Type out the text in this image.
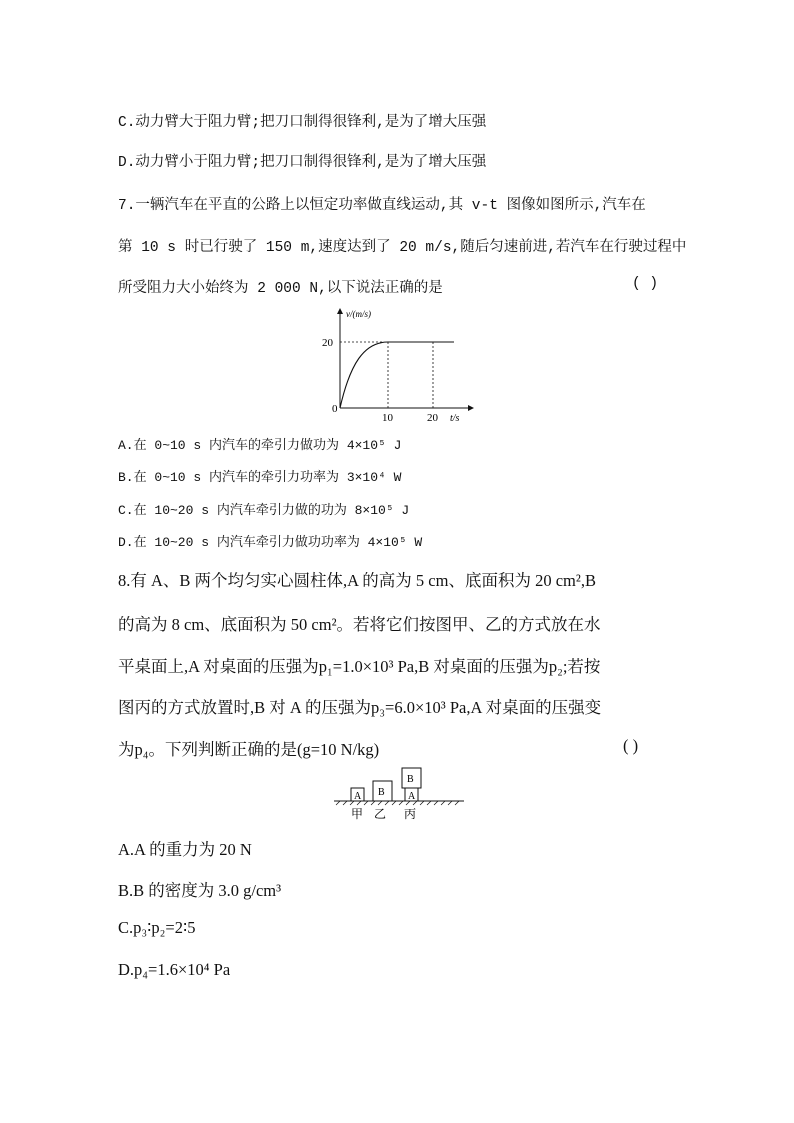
C.动力臂大于阻力臂;把刀口制得很锋利,是为了增大压强
D.动力臂小于阻力臂;把刀口制得很锋利,是为了增大压强
7.一辆汽车在平直的公路上以恒定功率做直线运动,其 v-t 图像如图所示,汽车在
第 10 s 时已行驶了 150 m,速度达到了 20 m/s,随后匀速前进,若汽车在行驶过程中
所受阻力大小始终为 2 000 N,以下说法正确的是	( )
v/(m/s)
20
0
10	20 t/s
A.在 0~10 s 内汽车的牵引力做功为 4×10⁵ J
B.在 0~10 s 内汽车的牵引力功率为 3×10⁴ W
C.在 10~20 s 内汽车牵引力做的功为 8×10⁵ J
D.在 10~20 s 内汽车牵引力做功功率为 4×10⁵ W
8.有 A、B 两个均匀实心圆柱体,A 的高为 5 cm、底面积为 20 cm²,B
的高为 8 cm、底面积为 50 cm²。若将它们按图甲、乙的方式放在水
平桌面上,A 对桌面的压强为p₁=1.0×10³ Pa,B 对桌面的压强为p₂;若按
图丙的方式放置时,B 对 A 的压强为p₃=6.0×10³ Pa,A 对桌面的压强变
为p₄。下列判断正确的是(g=10 N/kg)	( )
A B
B
A
甲 乙 丙
A.A 的重力为 20 N
B.B 的密度为 3.0 g/cm³
C.p₃∶p₂=2∶5
D.p₄=1.6×10⁴ Pa
